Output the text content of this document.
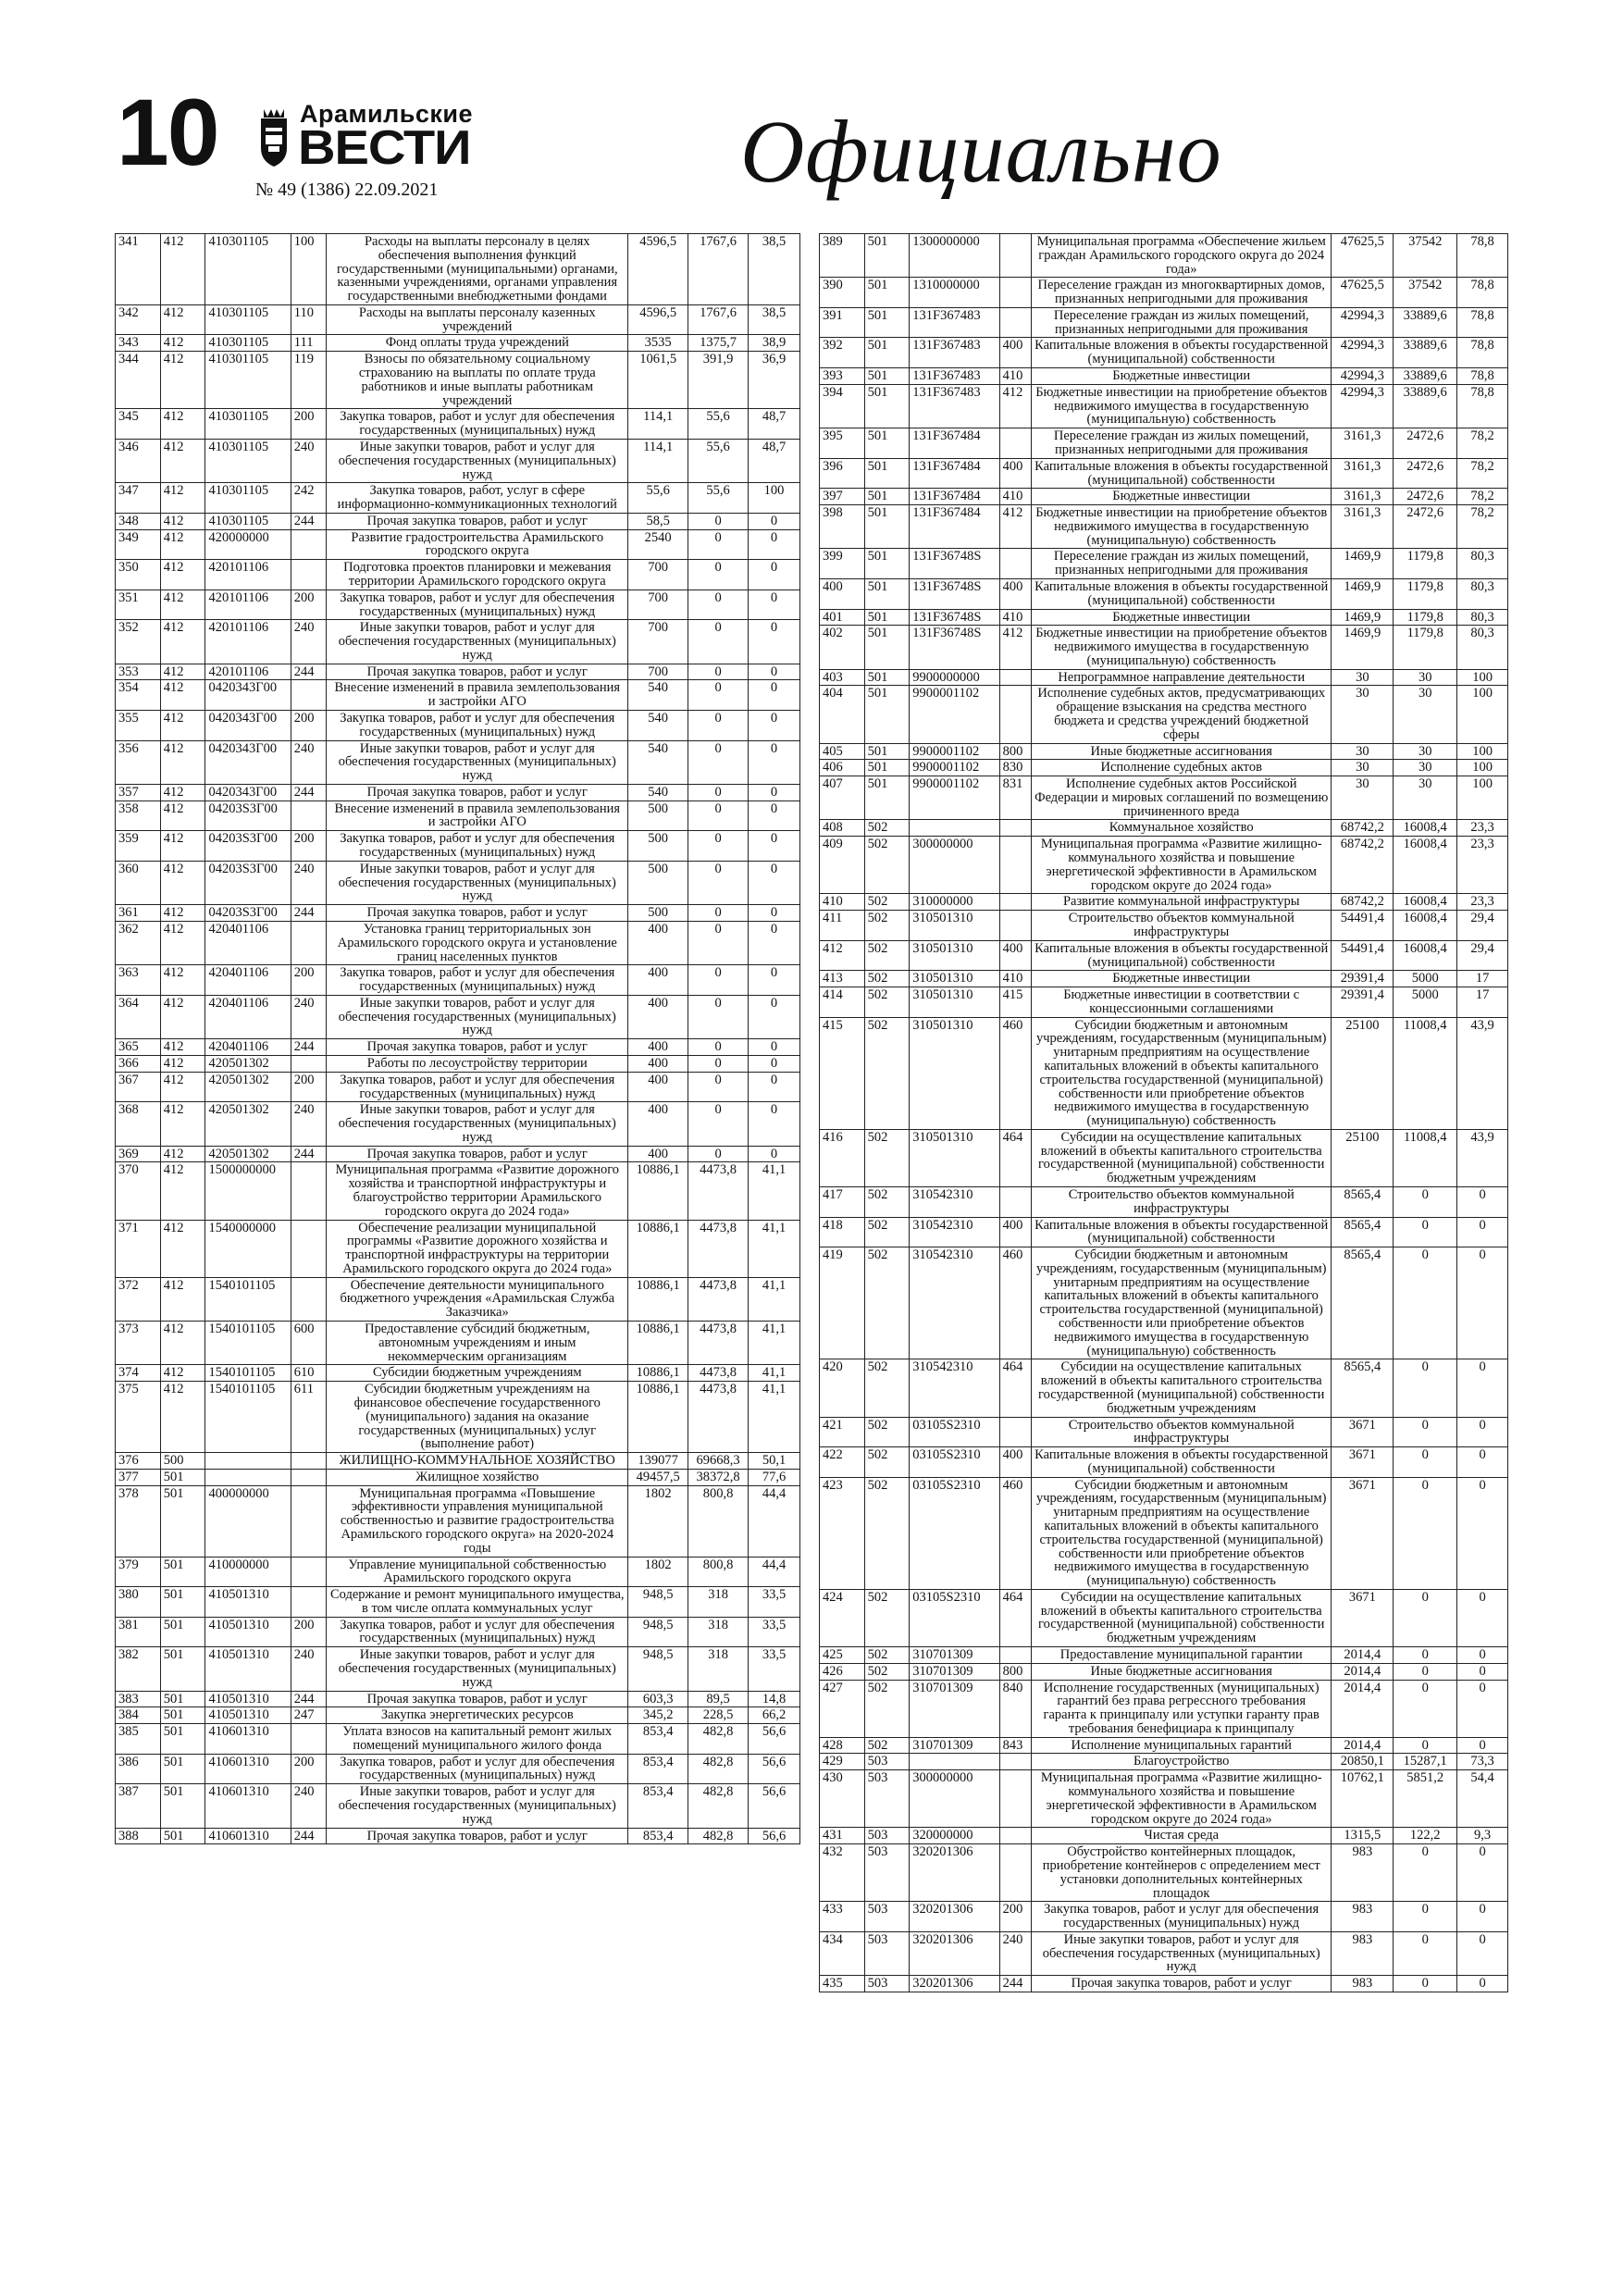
10	Арамильские
ВЕСТИ
№ 49 (1386) 22.09.2021	Официально
341	412	410301105	100	Расходы на выплаты персоналу в целях обеспечения выполнения функций государственными (муниципальными) органами, казенными учреждениями, органами управления государственными внебюджетными фондами	4596,5	1767,6	38,5
342	412	410301105	110	Расходы на выплаты персоналу казенных учреждений	4596,5	1767,6	38,5
343	412	410301105	111	Фонд оплаты труда учреждений	3535	1375,7	38,9
344	412	410301105	119	Взносы по обязательному социальному страхованию на выплаты по оплате труда работников и иные выплаты работникам учреждений	1061,5	391,9	36,9
345	412	410301105	200	Закупка товаров, работ и услуг для обеспечения государственных (муниципальных) нужд	114,1	55,6	48,7
346	412	410301105	240	Иные закупки товаров, работ и услуг для обеспечения государственных (муниципальных) нужд	114,1	55,6	48,7
347	412	410301105	242	Закупка товаров, работ, услуг в сфере информационно-коммуникационных технологий	55,6	55,6	100
348	412	410301105	244	Прочая закупка товаров, работ и услуг	58,5	0	0
349	412	420000000		Развитие градостроительства Арамильского городского округа	2540	0	0
350	412	420101106		Подготовка проектов планировки и межевания территории Арамильского городского округа	700	0	0
351	412	420101106	200	Закупка товаров, работ и услуг для обеспечения государственных (муниципальных) нужд	700	0	0
352	412	420101106	240	Иные закупки товаров, работ и услуг для обеспечения государственных (муниципальных) нужд	700	0	0
353	412	420101106	244	Прочая закупка товаров, работ и услуг	700	0	0
354	412	0420343Г00		Внесение изменений в правила землепользования и застройки АГО	540	0	0
355	412	0420343Г00	200	Закупка товаров, работ и услуг для обеспечения государственных (муниципальных) нужд	540	0	0
356	412	0420343Г00	240	Иные закупки товаров, работ и услуг для обеспечения государственных (муниципальных) нужд	540	0	0
357	412	0420343Г00	244	Прочая закупка товаров, работ и услуг	540	0	0
358	412	04203S3Г00		Внесение изменений в правила землепользования и застройки АГО	500	0	0
359	412	04203S3Г00	200	Закупка товаров, работ и услуг для обеспечения государственных (муниципальных) нужд	500	0	0
360	412	04203S3Г00	240	Иные закупки товаров, работ и услуг для обеспечения государственных (муниципальных) нужд	500	0	0
361	412	04203S3Г00	244	Прочая закупка товаров, работ и услуг	500	0	0
362	412	420401106		Установка границ территориальных зон Арамильского городского округа и установление границ населенных пунктов	400	0	0
363	412	420401106	200	Закупка товаров, работ и услуг для обеспечения государственных (муниципальных) нужд	400	0	0
364	412	420401106	240	Иные закупки товаров, работ и услуг для обеспечения государственных (муниципальных) нужд	400	0	0
365	412	420401106	244	Прочая закупка товаров, работ и услуг	400	0	0
366	412	420501302		Работы по лесоустройству территории	400	0	0
367	412	420501302	200	Закупка товаров, работ и услуг для обеспечения государственных (муниципальных) нужд	400	0	0
368	412	420501302	240	Иные закупки товаров, работ и услуг для обеспечения государственных (муниципальных) нужд	400	0	0
369	412	420501302	244	Прочая закупка товаров, работ и услуг	400	0	0
370	412	1500000000		Муниципальная программа «Развитие дорожного хозяйства и транспортной инфраструктуры и благоустройство территории Арамильского городского округа до 2024 года»	10886,1	4473,8	41,1
371	412	1540000000		Обеспечение реализации муниципальной программы «Развитие дорожного хозяйства и транспортной инфраструктуры на территории Арамильского городского округа до 2024 года»	10886,1	4473,8	41,1
372	412	1540101105		Обеспечение деятельности муниципального бюджетного учреждения «Арамильская Служба Заказчика»	10886,1	4473,8	41,1
373	412	1540101105	600	Предоставление субсидий бюджетным, автономным учреждениям и иным некоммерческим организациям	10886,1	4473,8	41,1
374	412	1540101105	610	Субсидии бюджетным учреждениям	10886,1	4473,8	41,1
375	412	1540101105	611	Субсидии бюджетным учреждениям на финансовое обеспечение государственного (муниципального) задания на оказание государственных (муниципальных) услуг (выполнение работ)	10886,1	4473,8	41,1
376	500			ЖИЛИЩНО-КОММУНАЛЬНОЕ ХОЗЯЙСТВО	139077	69668,3	50,1
377	501			Жилищное хозяйство	49457,5	38372,8	77,6
378	501	400000000		Муниципальная программа «Повышение эффективности управления муниципальной собственностью и развитие градостроительства Арамильского городского округа» на 2020-2024 годы	1802	800,8	44,4
379	501	410000000		Управление муниципальной собственностью Арамильского городского округа	1802	800,8	44,4
380	501	410501310		Содержание и ремонт муниципального имущества, в том числе оплата коммунальных услуг	948,5	318	33,5
381	501	410501310	200	Закупка товаров, работ и услуг для обеспечения государственных (муниципальных) нужд	948,5	318	33,5
382	501	410501310	240	Иные закупки товаров, работ и услуг для обеспечения государственных (муниципальных) нужд	948,5	318	33,5
383	501	410501310	244	Прочая закупка товаров, работ и услуг	603,3	89,5	14,8
384	501	410501310	247	Закупка энергетических ресурсов	345,2	228,5	66,2
385	501	410601310		Уплата взносов на капитальный ремонт жилых помещений муниципального жилого фонда	853,4	482,8	56,6
386	501	410601310	200	Закупка товаров, работ и услуг для обеспечения государственных (муниципальных) нужд	853,4	482,8	56,6
387	501	410601310	240	Иные закупки товаров, работ и услуг для обеспечения государственных (муниципальных) нужд	853,4	482,8	56,6
388	501	410601310	244	Прочая закупка товаров, работ и услуг	853,4	482,8	56,6
389	501	1300000000		Муниципальная программа «Обеспечение жильем граждан Арамильского городского округа до 2024 года»	47625,5	37542	78,8
390	501	1310000000		Переселение граждан из многоквартирных домов, признанных непригодными для проживания	47625,5	37542	78,8
391	501	131F367483		Переселение граждан из жилых помещений, признанных непригодными для проживания	42994,3	33889,6	78,8
392	501	131F367483	400	Капитальные вложения в объекты государственной (муниципальной) собственности	42994,3	33889,6	78,8
393	501	131F367483	410	Бюджетные инвестиции	42994,3	33889,6	78,8
394	501	131F367483	412	Бюджетные инвестиции на приобретение объектов недвижимого имущества в государственную (муниципальную) собственность	42994,3	33889,6	78,8
395	501	131F367484		Переселение граждан из жилых помещений, признанных непригодными для проживания	3161,3	2472,6	78,2
396	501	131F367484	400	Капитальные вложения в объекты государственной (муниципальной) собственности	3161,3	2472,6	78,2
397	501	131F367484	410	Бюджетные инвестиции	3161,3	2472,6	78,2
398	501	131F367484	412	Бюджетные инвестиции на приобретение объектов недвижимого имущества в государственную (муниципальную) собственность	3161,3	2472,6	78,2
399	501	131F36748S		Переселение граждан из жилых помещений, признанных непригодными для проживания	1469,9	1179,8	80,3
400	501	131F36748S	400	Капитальные вложения в объекты государственной (муниципальной) собственности	1469,9	1179,8	80,3
401	501	131F36748S	410	Бюджетные инвестиции	1469,9	1179,8	80,3
402	501	131F36748S	412	Бюджетные инвестиции на приобретение объектов недвижимого имущества в государственную (муниципальную) собственность	1469,9	1179,8	80,3
403	501	9900000000		Непрограммное направление деятельности	30	30	100
404	501	9900001102		Исполнение судебных актов, предусматривающих обращение взыскания на средства местного бюджета и средства учреждений бюджетной сферы	30	30	100
405	501	9900001102	800	Иные бюджетные ассигнования	30	30	100
406	501	9900001102	830	Исполнение судебных актов	30	30	100
407	501	9900001102	831	Исполнение судебных актов Российской Федерации и мировых соглашений по возмещению причиненного вреда	30	30	100
408	502			Коммунальное хозяйство	68742,2	16008,4	23,3
409	502	300000000		Муниципальная программа «Развитие жилищно-коммунального хозяйства и повышение энергетической эффективности в Арамильском городском округе до 2024 года»	68742,2	16008,4	23,3
410	502	310000000		Развитие коммунальной инфраструктуры	68742,2	16008,4	23,3
411	502	310501310		Строительство объектов коммунальной инфраструктуры	54491,4	16008,4	29,4
412	502	310501310	400	Капитальные вложения в объекты государственной (муниципальной) собственности	54491,4	16008,4	29,4
413	502	310501310	410	Бюджетные инвестиции	29391,4	5000	17
414	502	310501310	415	Бюджетные инвестиции в соответствии с концессионными соглашениями	29391,4	5000	17
415	502	310501310	460	Субсидии бюджетным и автономным учреждениям, государственным (муниципальным) унитарным предприятиям на осуществление капитальных вложений в объекты капитального строительства государственной (муниципальной) собственности или приобретение объектов недвижимого имущества в государственную (муниципальную) собственность	25100	11008,4	43,9
416	502	310501310	464	Субсидии на осуществление капитальных вложений в объекты капитального строительства государственной (муниципальной) собственности бюджетным учреждениям	25100	11008,4	43,9
417	502	310542310		Строительство объектов коммунальной инфраструктуры	8565,4	0	0
418	502	310542310	400	Капитальные вложения в объекты государственной (муниципальной) собственности	8565,4	0	0
419	502	310542310	460	Субсидии бюджетным и автономным учреждениям, государственным (муниципальным) унитарным предприятиям на осуществление капитальных вложений в объекты капитального строительства государственной (муниципальной) собственности или приобретение объектов недвижимого имущества в государственную (муниципальную) собственность	8565,4	0	0
420	502	310542310	464	Субсидии на осуществление капитальных вложений в объекты капитального строительства государственной (муниципальной) собственности бюджетным учреждениям	8565,4	0	0
421	502	03105S2310		Строительство объектов коммунальной инфраструктуры	3671	0	0
422	502	03105S2310	400	Капитальные вложения в объекты государственной (муниципальной) собственности	3671	0	0
423	502	03105S2310	460	Субсидии бюджетным и автономным учреждениям, государственным (муниципальным) унитарным предприятиям на осуществление капитальных вложений в объекты капитального строительства государственной (муниципальной) собственности или приобретение объектов недвижимого имущества в государственную (муниципальную) собственность	3671	0	0
424	502	03105S2310	464	Субсидии на осуществление капитальных вложений в объекты капитального строительства государственной (муниципальной) собственности бюджетным учреждениям	3671	0	0
425	502	310701309		Предоставление муниципальной гарантии	2014,4	0	0
426	502	310701309	800	Иные бюджетные ассигнования	2014,4	0	0
427	502	310701309	840	Исполнение государственных (муниципальных) гарантий без права регрессного требования гаранта к принципалу или уступки гаранту прав требования бенефициара к принципалу	2014,4	0	0
428	502	310701309	843	Исполнение муниципальных гарантий	2014,4	0	0
429	503			Благоустройство	20850,1	15287,1	73,3
430	503	300000000		Муниципальная программа «Развитие жилищно-коммунального хозяйства и повышение энергетической эффективности в Арамильском городском округе до 2024 года»	10762,1	5851,2	54,4
431	503	320000000		Чистая среда	1315,5	122,2	9,3
432	503	320201306		Обустройство контейнерных площадок, приобретение контейнеров с определением мест установки дополнительных контейнерных площадок	983	0	0
433	503	320201306	200	Закупка товаров, работ и услуг для обеспечения государственных (муниципальных) нужд	983	0	0
434	503	320201306	240	Иные закупки товаров, работ и услуг для обеспечения государственных (муниципальных) нужд	983	0	0
435	503	320201306	244	Прочая закупка товаров, работ и услуг	983	0	0
